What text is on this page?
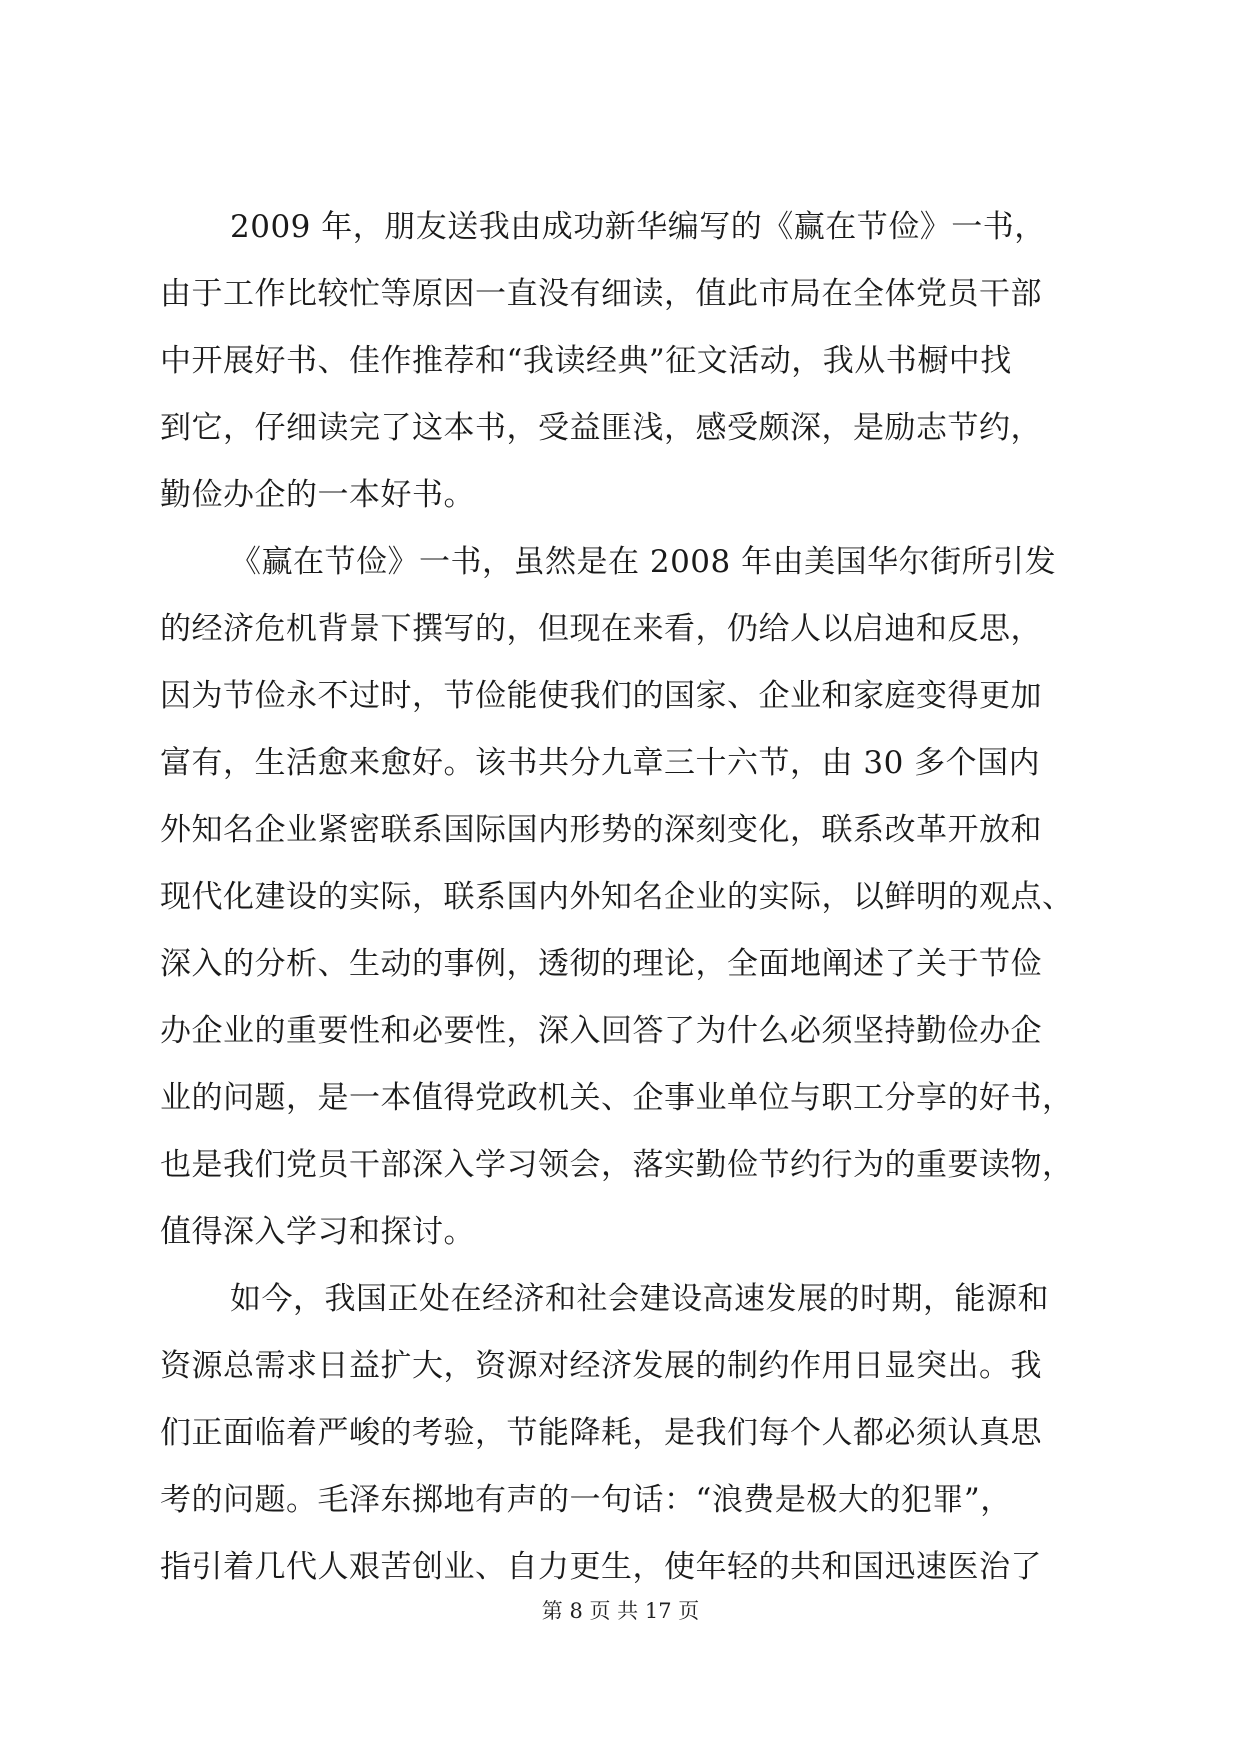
2009 年，朋友送我由成功新华编写的《赢在节俭》一书，
由于工作比较忙等原因一直没有细读，值此市局在全体党员干部
中开展好书、佳作推荐和“我读经典”征文活动，我从书橱中找
到它，仔细读完了这本书，受益匪浅，感受颇深，是励志节约，
勤俭办企的一本好书。
《赢在节俭》一书，虽然是在 2008 年由美国华尔街所引发
的经济危机背景下撰写的，但现在来看，仍给人以启迪和反思，
因为节俭永不过时，节俭能使我们的国家、企业和家庭变得更加
富有，生活愈来愈好。该书共分九章三十六节，由 30 多个国内
外知名企业紧密联系国际国内形势的深刻变化，联系改革开放和
现代化建设的实际，联系国内外知名企业的实际，以鲜明的观点、
深入的分析、生动的事例，透彻的理论，全面地阐述了关于节俭
办企业的重要性和必要性，深入回答了为什么必须坚持勤俭办企
业的问题，是一本值得党政机关、企事业单位与职工分享的好书，
也是我们党员干部深入学习领会，落实勤俭节约行为的重要读物，
值得深入学习和探讨。
如今，我国正处在经济和社会建设高速发展的时期，能源和
资源总需求日益扩大，资源对经济发展的制约作用日显突出。我
们正面临着严峻的考验，节能降耗，是我们每个人都必须认真思
考的问题。毛泽东掷地有声的一句话：“浪费是极大的犯罪”，
指引着几代人艰苦创业、自力更生，使年轻的共和国迅速医治了
第 8 页 共 17 页
